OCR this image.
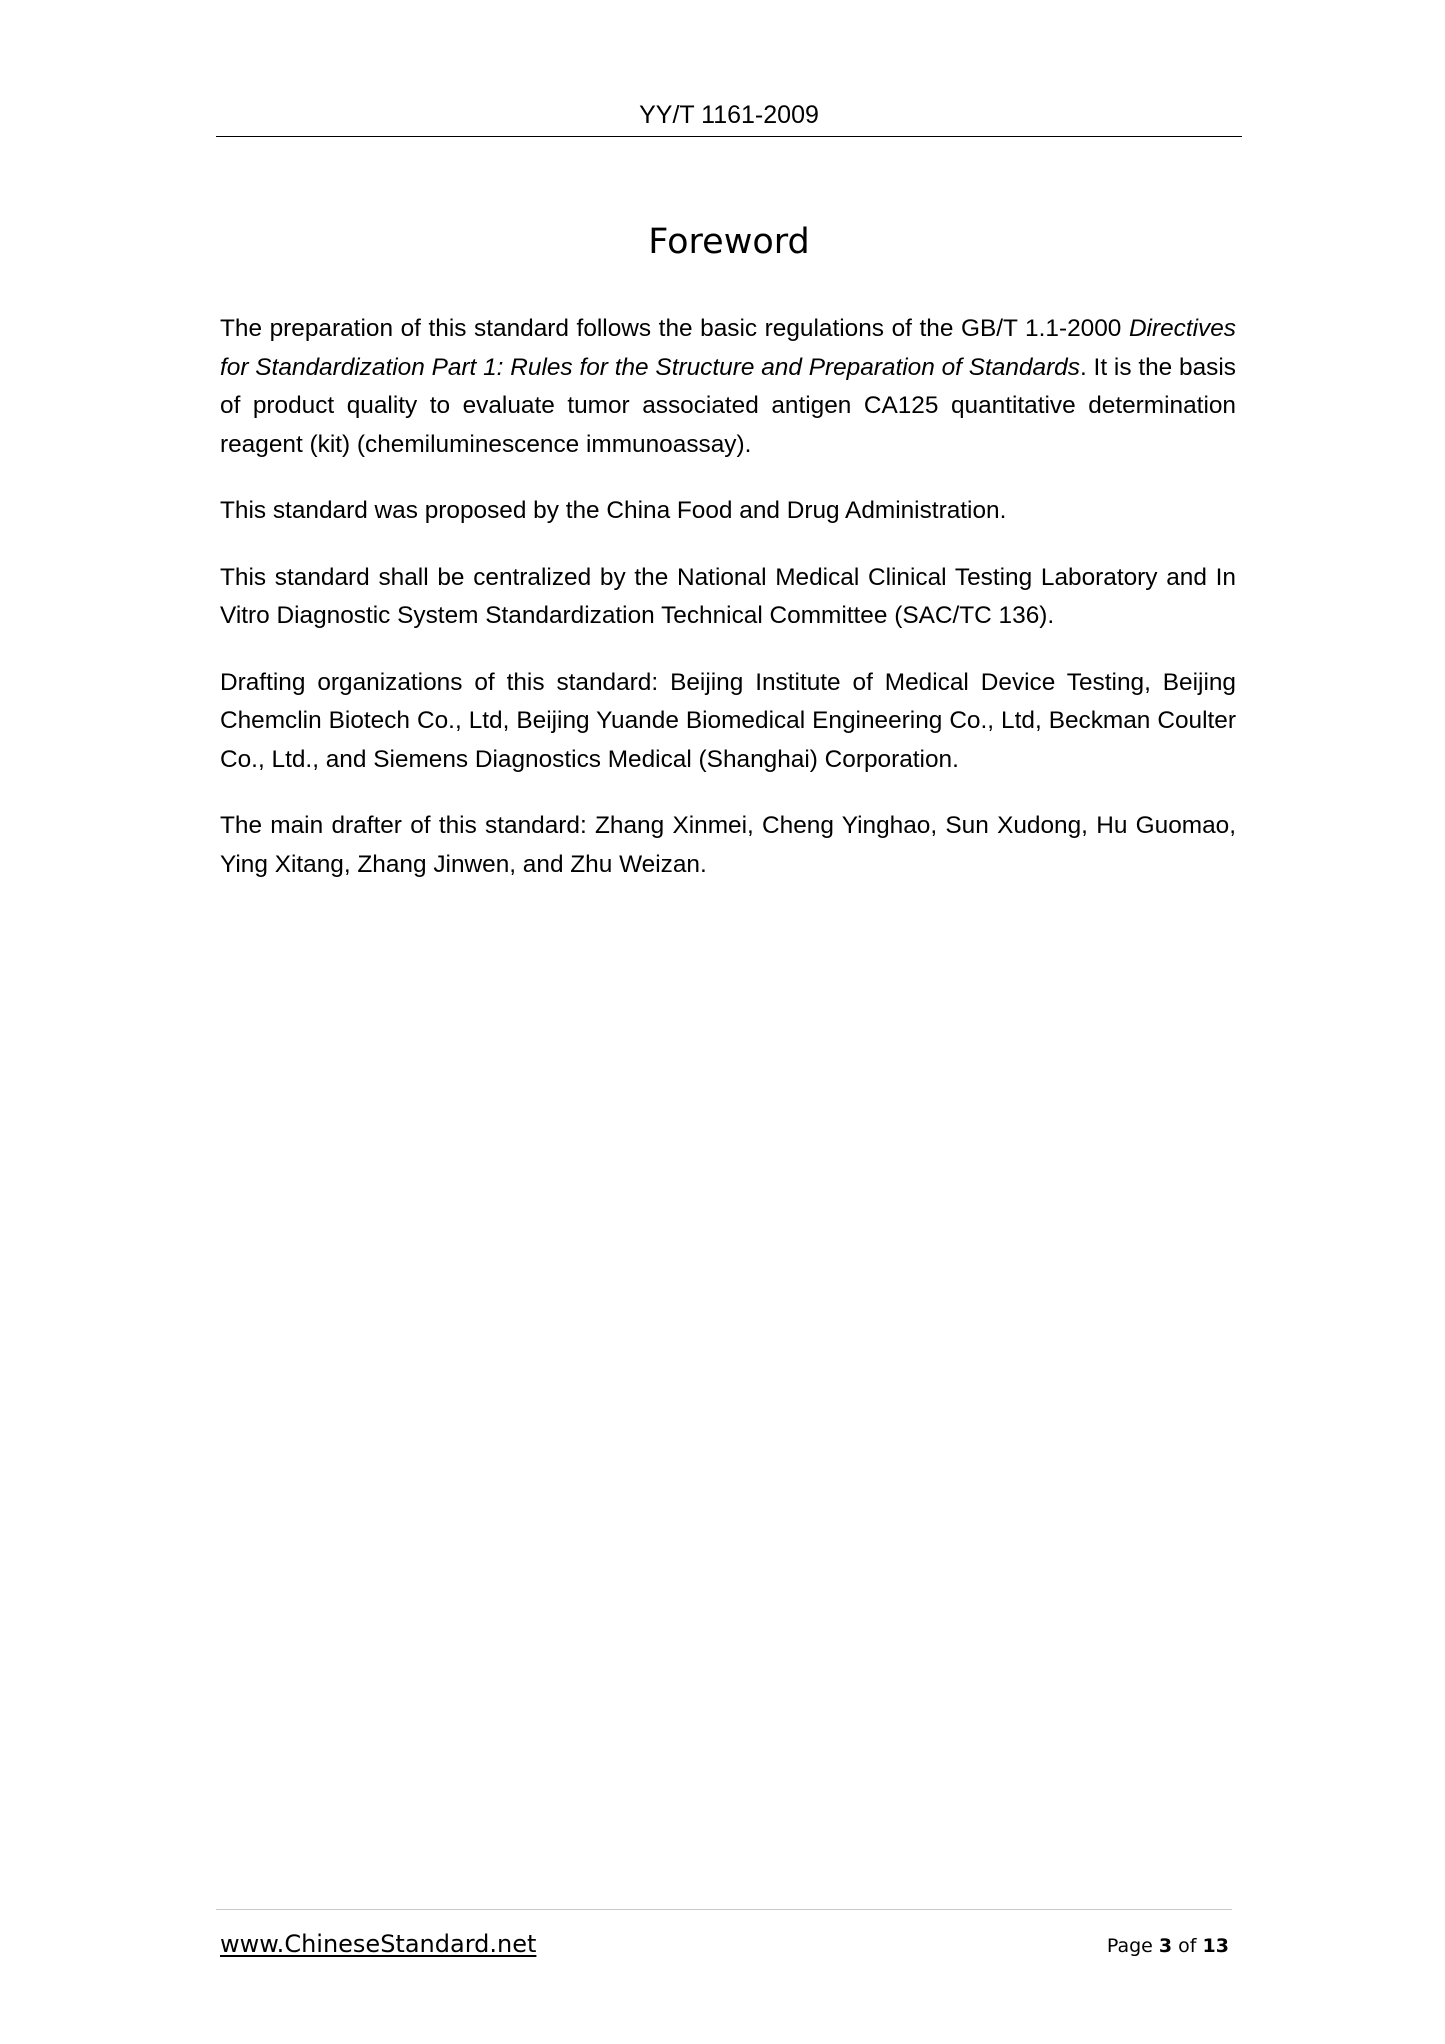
YY/T 1161-2009
Foreword

The preparation of this standard follows the basic regulations of the GB/T 1.1-2000 Directives for Standardization Part 1: Rules for the Structure and Preparation of Standards. It is the basis of product quality to evaluate tumor associated antigen CA125 quantitative determination reagent (kit) (chemiluminescence immunoassay).

This standard was proposed by the China Food and Drug Administration.

This standard shall be centralized by the National Medical Clinical Testing Laboratory and In Vitro Diagnostic System Standardization Technical Committee (SAC/TC 136).

Drafting organizations of this standard: Beijing Institute of Medical Device Testing, Beijing Chemclin Biotech Co., Ltd, Beijing Yuande Biomedical Engineering Co., Ltd, Beckman Coulter Co., Ltd., and Siemens Diagnostics Medical (Shanghai) Corporation.

The main drafter of this standard: Zhang Xinmei, Cheng Yinghao, Sun Xudong, Hu Guomao, Ying Xitang, Zhang Jinwen, and Zhu Weizan.

www.ChineseStandard.net	Page 3 of 13
